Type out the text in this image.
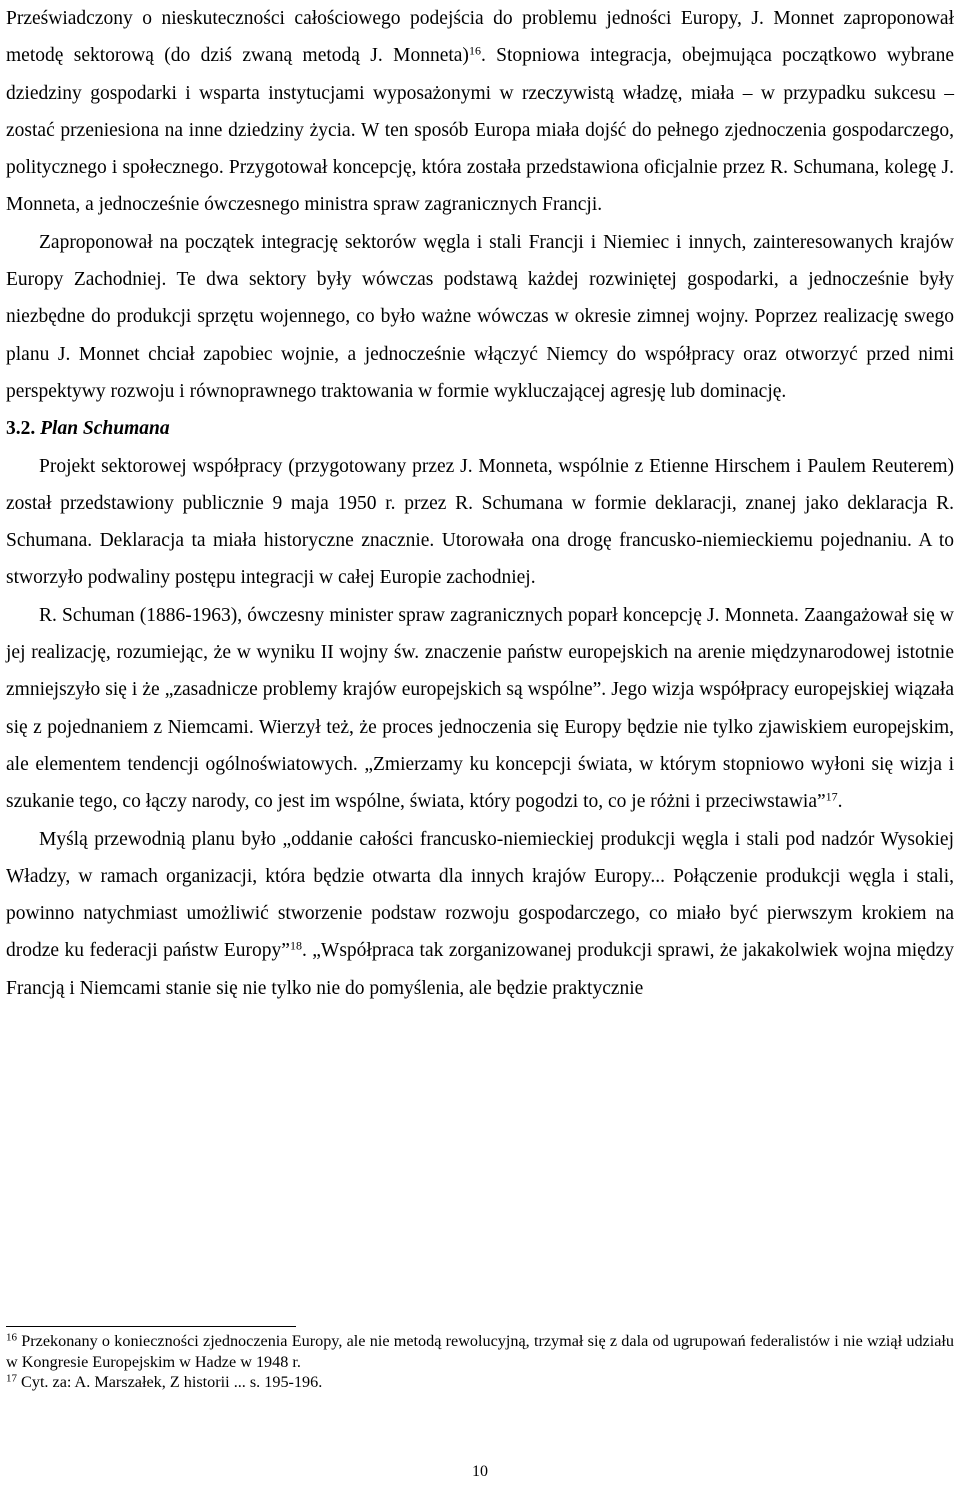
Przeświadczony o nieskuteczności całościowego podejścia do problemu jedności Europy, J. Monnet zaproponował metodę sektorową (do dziś zwaną metodą J. Monneta)$^{16}$. Stopniowa integracja, obejmująca początkowo wybrane dziedziny gospodarki i wsparta instytucjami wyposażonymi w rzeczywistą władzę, miała – w przypadku sukcesu – zostać przeniesiona na inne dziedziny życia. W ten sposób Europa miała dojść do pełnego zjednoczenia gospodarczego, politycznego i społecznego. Przygotował koncepcję, która została przedstawiona oficjalnie przez R. Schumana, kolegę J. Monneta, a jednocześnie ówczesnego ministra spraw zagranicznych Francji.

Zaproponował na początek integrację sektorów węgla i stali Francji i Niemiec i innych, zainteresowanych krajów Europy Zachodniej. Te dwa sektory były wówczas podstawą każdej rozwiniętej gospodarki, a jednocześnie były niezbędne do produkcji sprzętu wojennego, co było ważne wówczas w okresie zimnej wojny. Poprzez realizację swego planu J. Monnet chciał zapobiec wojnie, a jednocześnie włączyć Niemcy do współpracy oraz otworzyć przed nimi perspektywy rozwoju i równoprawnego traktowania w formie wykluczającej agresję lub dominację.

3.2. Plan Schumana

Projekt sektorowej współpracy (przygotowany przez J. Monneta, wspólnie z Etienne Hirschem i Paulem Reuterem) został przedstawiony publicznie 9 maja 1950 r. przez R. Schumana w formie deklaracji, znanej jako deklaracja R. Schumana. Deklaracja ta miała historyczne znacznie. Utorowała ona drogę francusko-niemieckiemu pojednaniu. A to stworzyło podwaliny postępu integracji w całej Europie zachodniej.

R. Schuman (1886-1963), ówczesny minister spraw zagranicznych poparł koncepcję J. Monneta. Zaangażował się w jej realizację, rozumiejąc, że w wyniku II wojny św. znaczenie państw europejskich na arenie międzynarodowej istotnie zmniejszyło się i że „zasadnicze problemy krajów europejskich są wspólne”. Jego wizja współpracy europejskiej wiązała się z pojednaniem z Niemcami. Wierzył też, że proces jednoczenia się Europy będzie nie tylko zjawiskiem europejskim, ale elementem tendencji ogólnoświatowych. „Zmierzamy ku koncepcji świata, w którym stopniowo wyłoni się wizja i szukanie tego, co łączy narody, co jest im wspólne, świata, który pogodzi to, co je różni i przeciwstawia”$^{17}$.

Myślą przewodnią planu było „oddanie całości francusko-niemieckiej produkcji węgla i stali pod nadzór Wysokiej Władzy, w ramach organizacji, która będzie otwarta dla innych krajów Europy... Połączenie produkcji węgla i stali, powinno natychmiast umożliwić stworzenie podstaw rozwoju gospodarczego, co miało być pierwszym krokiem na drodze ku federacji państw Europy”$^{18}$. „Współpraca tak zorganizowanej produkcji sprawi, że jakakolwiek wojna między Francją i Niemcami stanie się nie tylko nie do pomyślenia, ale będzie praktycznie

$^{16}$ Przekonany o konieczności zjednoczenia Europy, ale nie metodą rewolucyjną, trzymał się z dala od ugrupowań federalistów i nie wziął udziału w Kongresie Europejskim w Hadze w 1948 r.

$^{17}$ Cyt. za: A. Marszałek, Z historii ... s. 195-196.

10
